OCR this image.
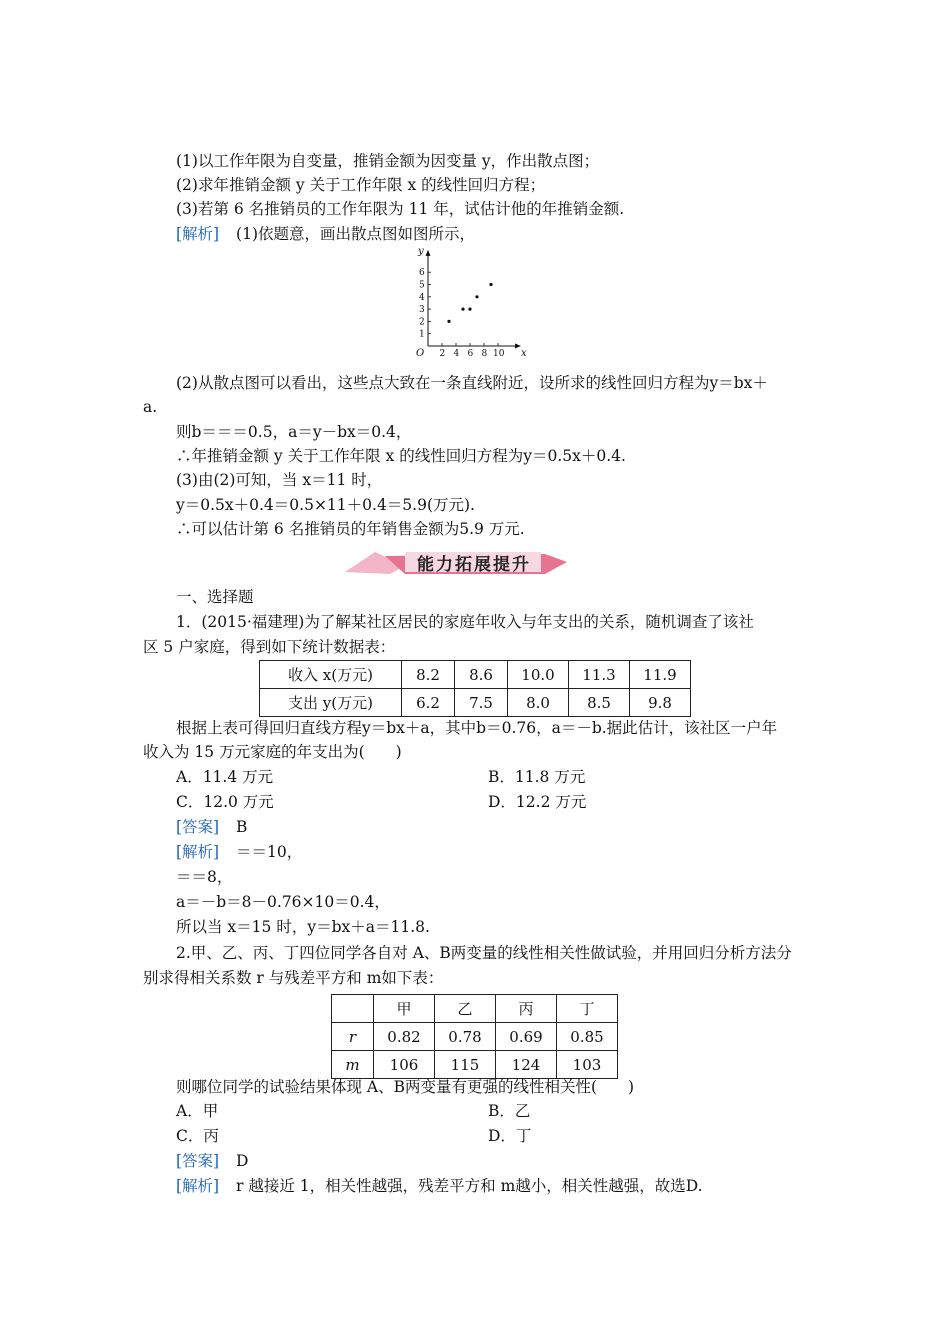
(1)以工作年限为自变量，推销金额为因变量 y，作出散点图；
(2)求年推销金额 y 关于工作年限 x 的线性回归方程；
(3)若第 6 名推销员的工作年限为 11 年，试估计他的年推销金额.
[解析] (1)依题意，画出散点图如图所示，
1
2
3
4
5
6
2 4 6 8 10
O	x
y
(2)从散点图可以看出，这些点大致在一条直线附近，设所求的线性回归方程为y＝bx＋
a.
则b＝＝＝0.5，a＝y－bx＝0.4，
∴年推销金额 y 关于工作年限 x 的线性回归方程为y＝0.5x＋0.4.
(3)由(2)可知，当 x＝11 时，
y＝0.5x＋0.4＝0.5×11＋0.4＝5.9(万元).
∴可以估计第 6 名推销员的年销售金额为5.9 万元.
能力拓展提升
一、选择题
1．(2015·福建理)为了解某社区居民的家庭年收入与年支出的关系，随机调查了该社
区 5 户家庭，得到如下统计数据表：
收入 x(万元)	8.2	8.6	10.0	11.3	11.9
支出 y(万元)	6.2	7.5	8.0	8.5	9.8
根据上表可得回归直线方程y＝bx＋a，其中b＝0.76，a＝－b.据此估计，该社区一户年
收入为 15 万元家庭的年支出为(　　)
A．11.4 万元	B．11.8 万元
C．12.0 万元	D．12.2 万元
[答案] B
[解析] ＝＝10，
＝＝8，
a＝－b＝8－0.76×10＝0.4，
所以当 x＝15 时，y＝bx＋a＝11.8.
2.甲、乙、丙、丁四位同学各自对 A、B两变量的线性相关性做试验，并用回归分析方法分
别求得相关系数 r 与残差平方和 m如下表：
	甲	乙	丙	丁
r	0.82	0.78	0.69	0.85
m	106	115	124	103
则哪位同学的试验结果体现 A、B两变量有更强的线性相关性(　　)
A．甲	B．乙
C．丙	D．丁
[答案] D
[解析] r 越接近 1，相关性越强，残差平方和 m越小，相关性越强，故选D.
